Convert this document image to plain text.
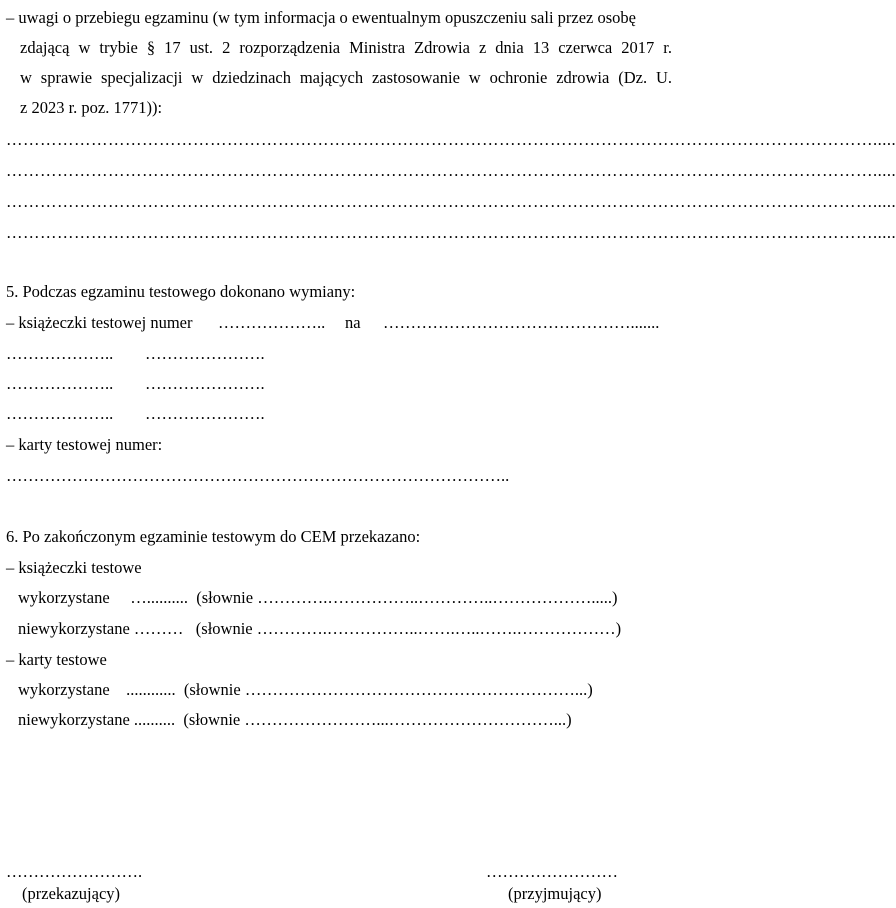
– uwagi o przebiegu egzaminu (w tym informacja o ewentualnym opuszczeniu sali przez osobę
zdającą w trybie § 17 ust. 2 rozporządzenia Ministra Zdrowia z dnia 13 czerwca 2017 r.
w sprawie specjalizacji w dziedzinach mających zastosowanie w ochronie zdrowia (Dz. U.
z 2023 r. poz. 1771)):
……………………………………………………………………………………………………………………………………….....
……………………………………………………………………………………………………………………………………….....
……………………………………………………………………………………………………………………………………….....
……………………………………………………………………………………………………………………………………….....
5. Podczas egzaminu testowego dokonano wymiany:
– książeczki testowej numer ……………….. na ……………………………………….......
……………….. ………………….
……………….. ………………….
……………….. ………………….
– karty testowej numer:
………………………………………………………………………………..
6. Po zakończonym egzaminie testowym do CEM przekazano:
– książeczki testowe
wykorzystane     …..........  (słownie ………….……………..…………..……………….....)
niewykorzystane ………   (słownie ………….……………..…….…..…….………………)
– karty testowe
wykorzystane    ............  (słownie ……………………………………………………...)
niewykorzystane ..........  (słownie ……………………...…………………………...)
…………………….
(przekazujący)
……………………
(przyjmujący)
